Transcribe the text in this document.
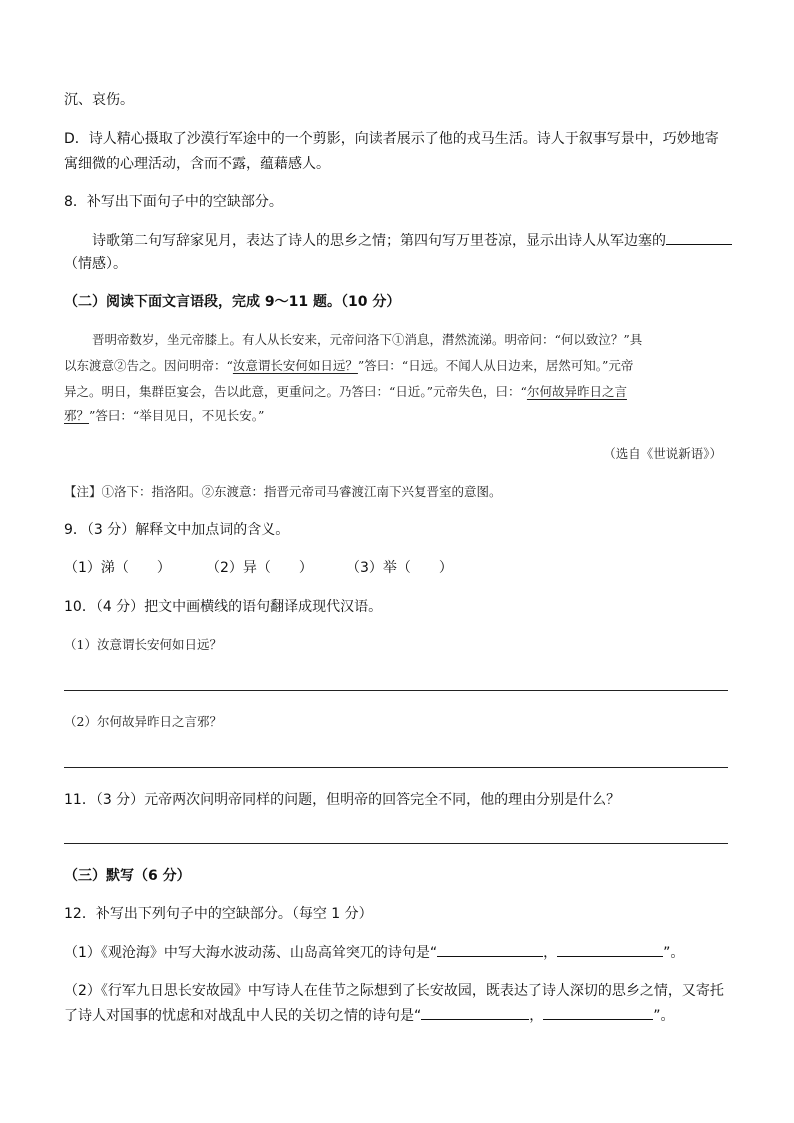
沉、哀伤。
D．诗人精心摄取了沙漠行军途中的一个剪影，向读者展示了他的戎马生活。诗人于叙事写景中，巧妙地寄
寓细微的心理活动，含而不露，蕴藉感人。
8．补写出下面句子中的空缺部分。
诗歌第二句写辞家见月，表达了诗人的思乡之情；第四句写万里苍凉，显示出诗人从军边塞的
（情感）。
（二）阅读下面文言语段，完成 9～11 题。（10 分）
晋明帝数岁，坐元帝膝上。有人从长安来，元帝问洛下①消息，潸然流涕。明帝问：“何以致泣？”具
以东渡意②告之。因问明帝：“汝意谓长安何如日远？”答曰：“日远。不闻人从日边来，居然可知。”元帝
异之。明日，集群臣宴会，告以此意，更重问之。乃答曰：“日近。”元帝失色，曰：“尔何故异昨日之言
邪？”答曰：“举目见日，不见长安。”
（选自《世说新语》）
【注】①洛下：指洛阳。②东渡意：指晋元帝司马睿渡江南下兴复晋室的意图。
9．（3 分）解释文中加点词的含义。
（1）涕（　　）	（2）异（　　） （3）举（　　）
10．（4 分）把文中画横线的语句翻译成现代汉语。
（1）汝意谓长安何如日远？
（2）尔何故异昨日之言邪？
11．（3 分）元帝两次问明帝同样的问题，但明帝的回答完全不同，他的理由分别是什么？
（三）默写（6 分）
12．补写出下列句子中的空缺部分。（每空 1 分）
（1）《观沧海》中写大海水波动荡、山岛高耸突兀的诗句是“	，	”。
（2）《行军九日思长安故园》中写诗人在佳节之际想到了长安故园，既表达了诗人深切的思乡之情，又寄托
了诗人对国事的忧虑和对战乱中人民的关切之情的诗句是“	，	”。
